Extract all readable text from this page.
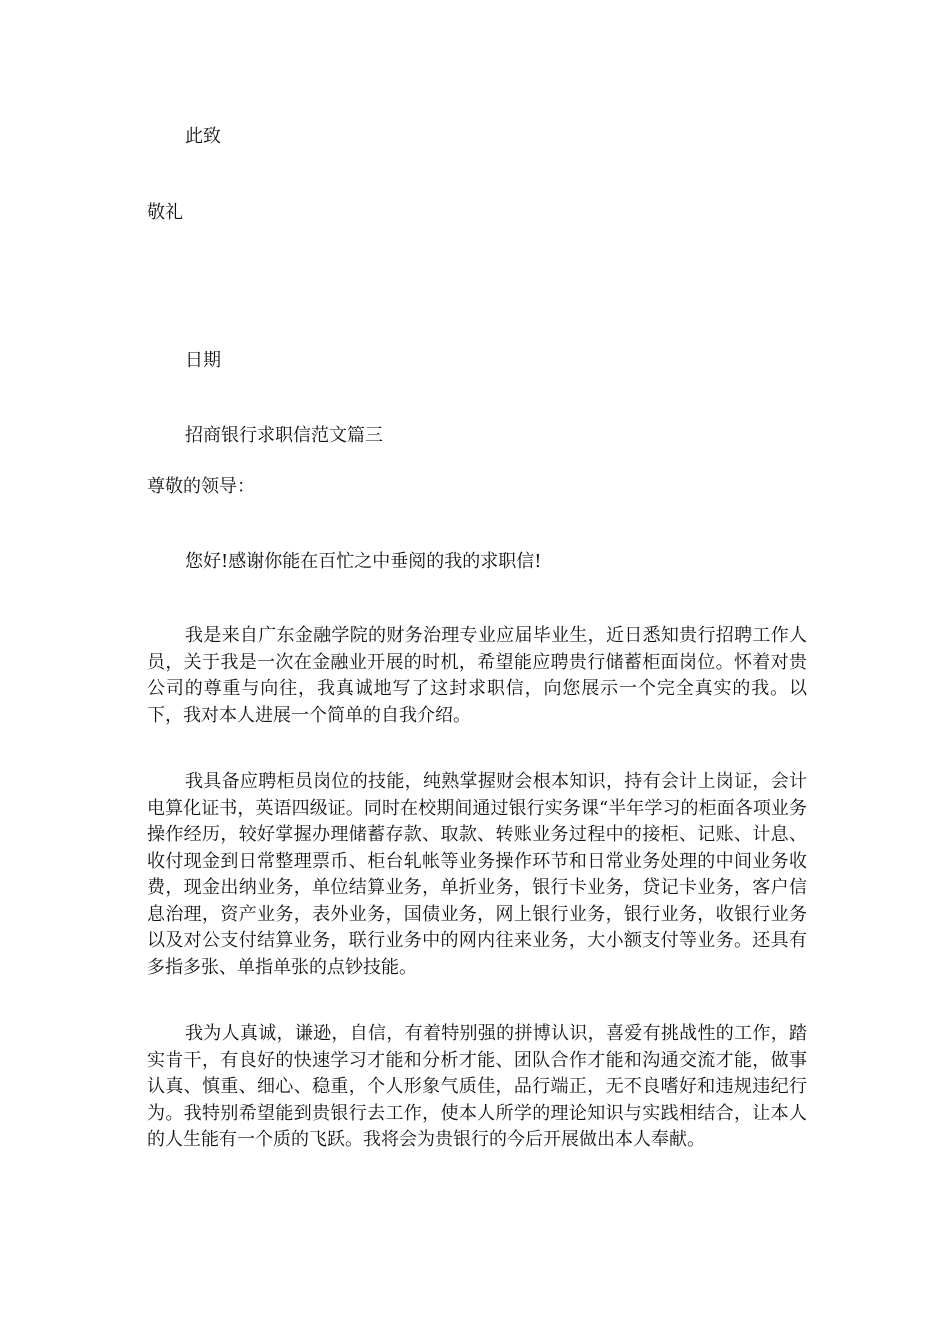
此致

敬礼

日期

招商银行求职信范文篇三

尊敬的领导：

您好!感谢你能在百忙之中垂阅的我的求职信!

我是来自广东金融学院的财务治理专业应届毕业生，近日悉知贵行招聘工作人员，关于我是一次在金融业开展的时机，希望能应聘贵行储蓄柜面岗位。怀着对贵公司的尊重与向往，我真诚地写了这封求职信，向您展示一个完全真实的我。以下，我对本人进展一个简单的自我介绍。

我具备应聘柜员岗位的技能，纯熟掌握财会根本知识，持有会计上岗证，会计电算化证书，英语四级证。同时在校期间通过银行实务课“半年学习的柜面各项业务操作经历，较好掌握办理储蓄存款、取款、转账业务过程中的接柜、记账、计息、收付现金到日常整理票币、柜台轧帐等业务操作环节和日常业务处理的中间业务收费，现金出纳业务，单位结算业务，单折业务，银行卡业务，贷记卡业务，客户信息治理，资产业务，表外业务，国债业务，网上银行业务，银行业务，收银行业务以及对公支付结算业务，联行业务中的网内往来业务，大小额支付等业务。还具有多指多张、单指单张的点钞技能。

我为人真诚，谦逊，自信，有着特别强的拼博认识，喜爱有挑战性的工作，踏实肯干，有良好的快速学习才能和分析才能、团队合作才能和沟通交流才能，做事认真、慎重、细心、稳重，个人形象气质佳，品行端正，无不良嗜好和违规违纪行为。我特别希望能到贵银行去工作，使本人所学的理论知识与实践相结合，让本人的人生能有一个质的飞跃。我将会为贵银行的今后开展做出本人奉献。
